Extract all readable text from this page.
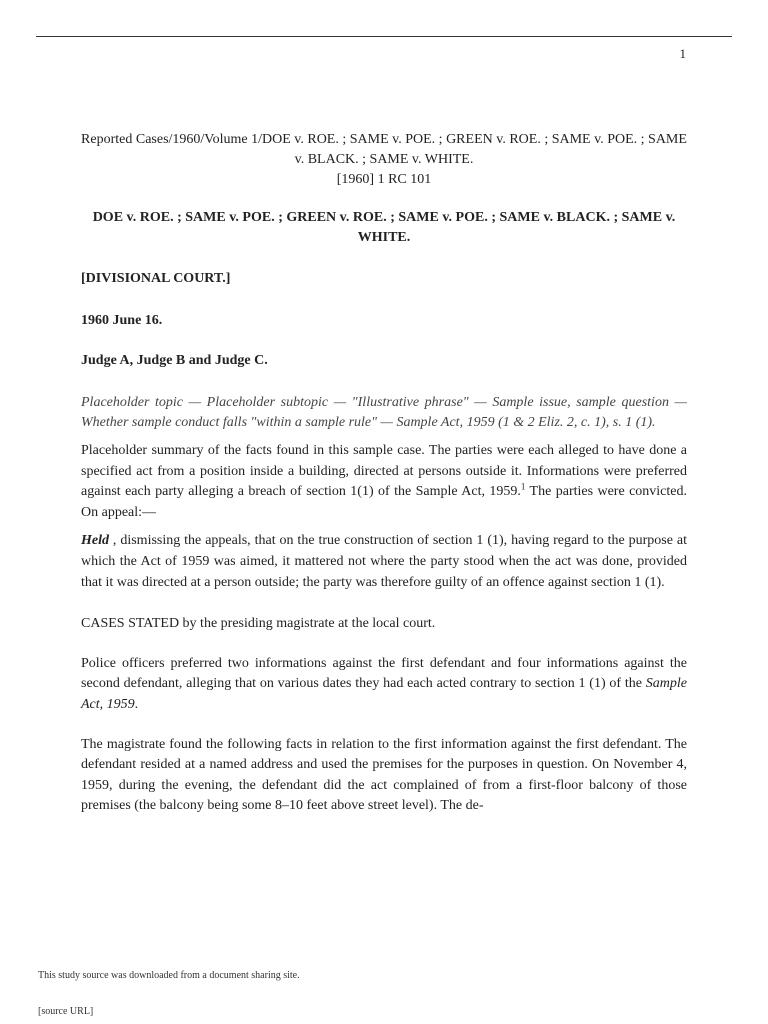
1

Reported Cases/1960/Volume 1/DOE v. ROE. ; SAME v. POE. ; GREEN v. ROE. ; SAME v. POE. ; SAME v. BLACK. ; SAME v. WHITE.
[1960] 1 RC 101

DOE v. ROE. ; SAME v. POE. ; GREEN v. ROE. ; SAME v. POE. ; SAME v. BLACK. ; SAME v. WHITE.

[DIVISIONAL COURT.]

1960 June 16.

Judge A, Judge B and Judge C.

Placeholder topic — Placeholder subtopic — "Illustrative phrase" — Sample issue, sample question — Whether sample conduct falls "within a sample rule" — Sample Act, 1959 (1 & 2 Eliz. 2, c. 1), s. 1 (1).

Placeholder summary of the facts found in this sample case. The parties were each alleged to have done a specified act from a position inside a building, directed at persons outside it. Informations were preferred against each party alleging a breach of section 1(1) of the Sample Act, 1959.$^1$ The parties were convicted. On appeal:—

Held , dismissing the appeals, that on the true construction of section 1 (1), having regard to the purpose at which the Act of 1959 was aimed, it mattered not where the party stood when the act was done, provided that it was directed at a person outside; the party was therefore guilty of an offence against section 1 (1).

CASES STATED by the presiding magistrate at the local court.

Police officers preferred two informations against the first defendant and four informations against the second defendant, alleging that on various dates they had each acted contrary to section 1 (1) of the Sample Act, 1959.

The magistrate found the following facts in relation to the first information against the first defendant. The defendant resided at a named address and used the premises for the purposes in question. On November 4, 1959, during the evening, the defendant did the act complained of from a first-floor balcony of those premises (the balcony being some 8–10 feet above street level). The de-

This study source was downloaded from a document sharing site.
[source URL]
